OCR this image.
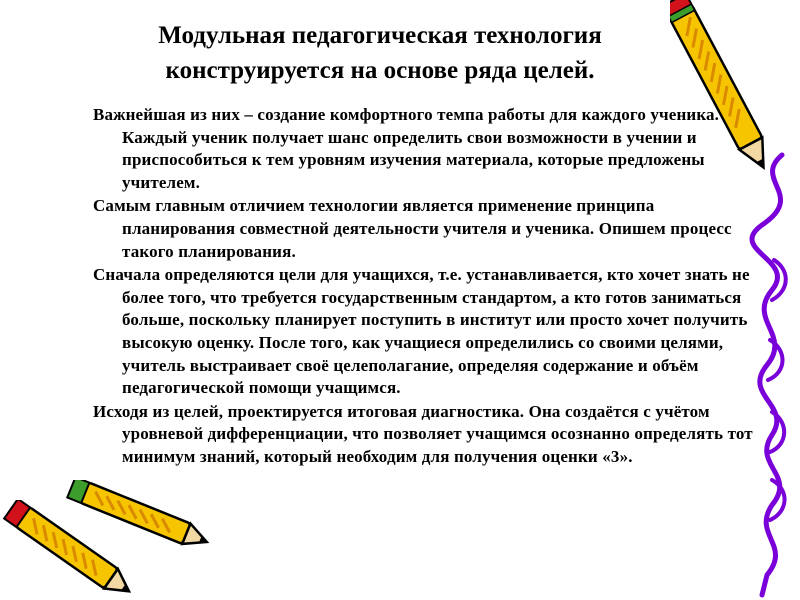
Модульная педагогическая технология
конструируется на основе ряда целей.

Важнейшая из них – создание комфортного темпа работы для каждого ученика. Каждый ученик получает шанс определить свои возможности в учении и приспособиться к тем уровням изучения материала, которые предложены учителем.

Самым главным отличием технологии является применение принципа планирования совместной деятельности учителя и ученика. Опишем процесс такого планирования.

Сначала определяются цели для учащихся, т.е. устанавливается, кто хочет знать не более того, что требуется государственным стандартом, а кто готов заниматься больше, поскольку планирует поступить в институт или просто хочет получить высокую оценку. После того, как учащиеся определились со своими целями, учитель выстраивает своё целеполагание, определяя содержание и объём педагогической помощи учащимся.

Исходя из целей, проектируется итоговая диагностика. Она создаётся с учётом уровневой дифференциации, что позволяет учащимся осознанно определять тот минимум знаний, который необходим для получения оценки «3».
